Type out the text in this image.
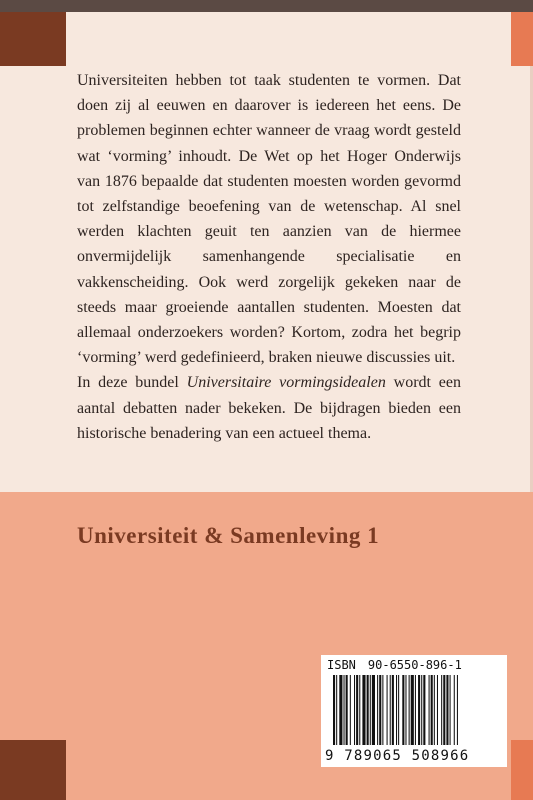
Universiteiten hebben tot taak studenten te vormen. Dat doen zij al eeuwen en daarover is iedereen het eens. De problemen beginnen echter wanneer de vraag wordt gesteld wat ‘vorming’ inhoudt. De Wet op het Hoger Onderwijs van 1876 bepaalde dat studenten moesten worden gevormd tot zelfstandige beoefening van de wetenschap. Al snel werden klachten geuit ten aanzien van de hiermee onvermijdelijk samenhangende specialisatie en vakkenscheiding. Ook werd zorgelijk gekeken naar de steeds maar groeiende aantallen studenten. Moesten dat allemaal onderzoekers worden? Kortom, zodra het begrip ‘vorming’ werd gedefinieerd, braken nieuwe discussies uit.

In deze bundel Universitaire vormingsidealen wordt een aantal debatten nader bekeken. De bijdragen bieden een historische benadering van een actueel thema.

Universiteit & Samenleving 1
ISBN 90-6550-896-1
9 789065 508966
